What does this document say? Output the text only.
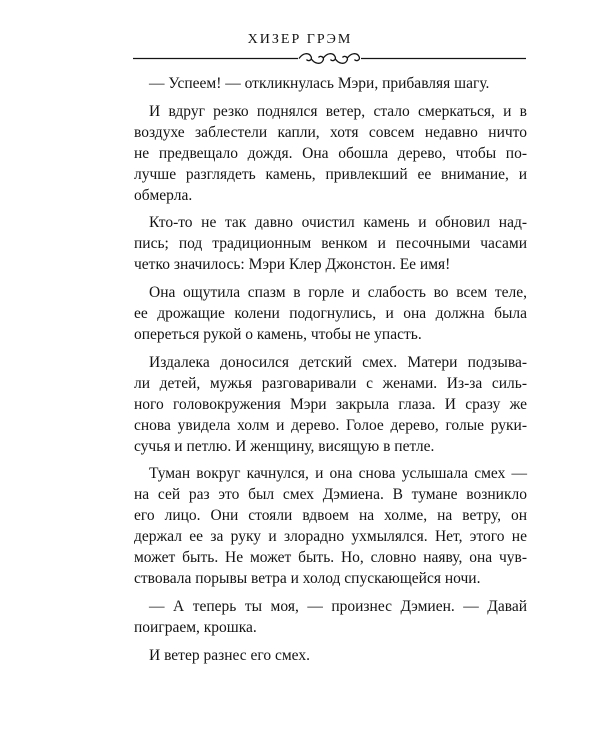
ХИЗЕР ГРЭМ

— Успеем! — откликнулась Мэри, прибавляя шагу.

И вдруг резко поднялся ветер, стало смеркаться, и в
воздухе заблестели капли, хотя совсем недавно ничто
не предвещало дождя. Она обошла дерево, чтобы по-
лучше разглядеть камень, привлекший ее внимание, и
обмерла.

Кто-то не так давно очистил камень и обновил над-
пись; под традиционным венком и песочными часами
четко значилось: Мэри Клер Джонстон. Ее имя!

Она ощутила спазм в горле и слабость во всем теле,
ее дрожащие колени подогнулись, и она должна была
опереться рукой о камень, чтобы не упасть.

Издалека доносился детский смех. Матери подзыва-
ли детей, мужья разговаривали с женами. Из-за силь-
ного головокружения Мэри закрыла глаза. И сразу же
снова увидела холм и дерево. Голое дерево, голые руки-
сучья и петлю. И женщину, висящую в петле.

Туман вокруг качнулся, и она снова услышала смех —
на сей раз это был смех Дэмиена. В тумане возникло
его лицо. Они стояли вдвоем на холме, на ветру, он
держал ее за руку и злорадно ухмылялся. Нет, этого не
может быть. Не может быть. Но, словно наяву, она чув-
ствовала порывы ветра и холод спускающейся ночи.

— А теперь ты моя, — произнес Дэмиен. — Давай
поиграем, крошка.

И ветер разнес его смех.
